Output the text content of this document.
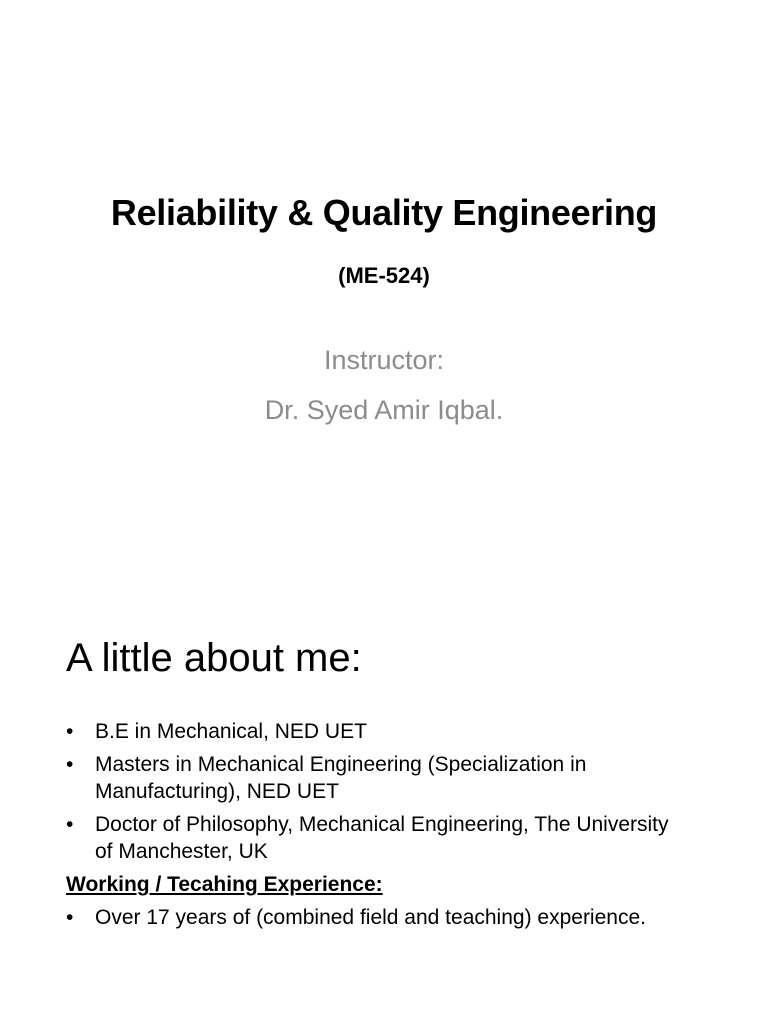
Reliability & Quality Engineering
(ME-524)
Instructor:
Dr. Syed Amir Iqbal.
A little about me:
• B.E in Mechanical, NED UET
• Masters in Mechanical Engineering (Specialization in Manufacturing), NED UET
• Doctor of Philosophy, Mechanical Engineering, The University of Manchester, UK
Working / Tecahing Experience:
• Over 17 years of (combined field and teaching) experience.
